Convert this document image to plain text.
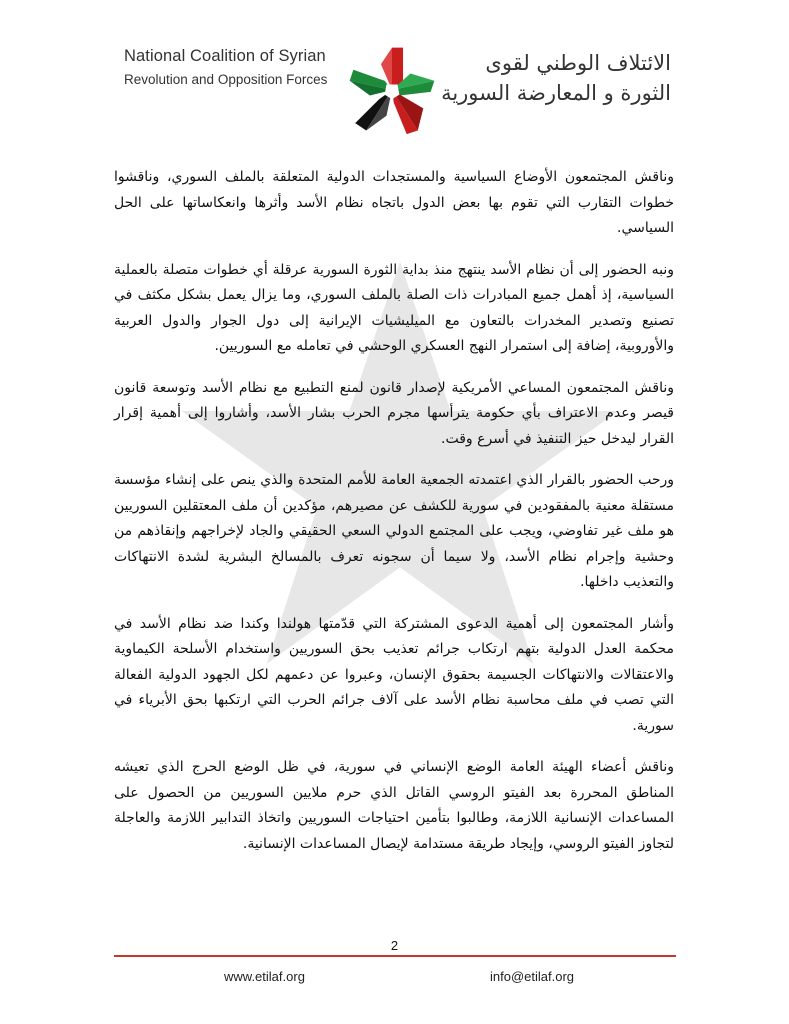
National Coalition of Syrian
Revolution and Opposition Forces
الائتلاف الوطني لقوى
الثورة و المعارضة السورية

وناقش المجتمعون الأوضاع السياسية والمستجدات الدولية المتعلقة بالملف السوري، وناقشوا خطوات التقارب التي تقوم بها بعض الدول باتجاه نظام الأسد وأثرها وانعكاساتها على الحل السياسي.

ونبه الحضور إلى أن نظام الأسد ينتهج منذ بداية الثورة السورية عرقلة أي خطوات متصلة بالعملية السياسية، إذ أهمل جميع المبادرات ذات الصلة بالملف السوري، وما يزال يعمل بشكل مكثف في تصنيع وتصدير المخدرات بالتعاون مع الميليشيات الإيرانية إلى دول الجوار والدول العربية والأوروبية، إضافة إلى استمرار النهج العسكري الوحشي في تعامله مع السوريين.

وناقش المجتمعون المساعي الأمريكية لإصدار قانون لمنع التطبيع مع نظام الأسد وتوسعة قانون قيصر وعدم الاعتراف بأي حكومة يترأسها مجرم الحرب بشار الأسد، وأشاروا إلى أهمية إقرار القرار ليدخل حيز التنفيذ في أسرع وقت.

ورحب الحضور بالقرار الذي اعتمدته الجمعية العامة للأمم المتحدة والذي ينص على إنشاء مؤسسة مستقلة معنية بالمفقودين في سورية للكشف عن مصيرهم، مؤكدين أن ملف المعتقلين السوريين هو ملف غير تفاوضي، ويجب على المجتمع الدولي السعي الحقيقي والجاد لإخراجهم وإنقاذهم من وحشية وإجرام نظام الأسد، ولا سيما أن سجونه تعرف بالمسالخ البشرية لشدة الانتهاكات والتعذيب داخلها.

وأشار المجتمعون إلى أهمية الدعوى المشتركة التي قدّمتها هولندا وكندا ضد نظام الأسد في محكمة العدل الدولية بتهم ارتكاب جرائم تعذيب بحق السوريين واستخدام الأسلحة الكيماوية والاعتقالات والانتهاكات الجسيمة بحقوق الإنسان، وعبروا عن دعمهم لكل الجهود الدولية الفعالة التي تصب في ملف محاسبة نظام الأسد على آلاف جرائم الحرب التي ارتكبها بحق الأبرياء في سورية.

وناقش أعضاء الهيئة العامة الوضع الإنساني في سورية، في ظل الوضع الحرج الذي تعيشه المناطق المحررة بعد الفيتو الروسي القاتل الذي حرم ملايين السوريين من الحصول على المساعدات الإنسانية اللازمة، وطالبوا بتأمين احتياجات السوريين واتخاذ التدابير اللازمة والعاجلة لتجاوز الفيتو الروسي، وإيجاد طريقة مستدامة لإيصال المساعدات الإنسانية.

2
www.etilaf.org	info@etilaf.org
